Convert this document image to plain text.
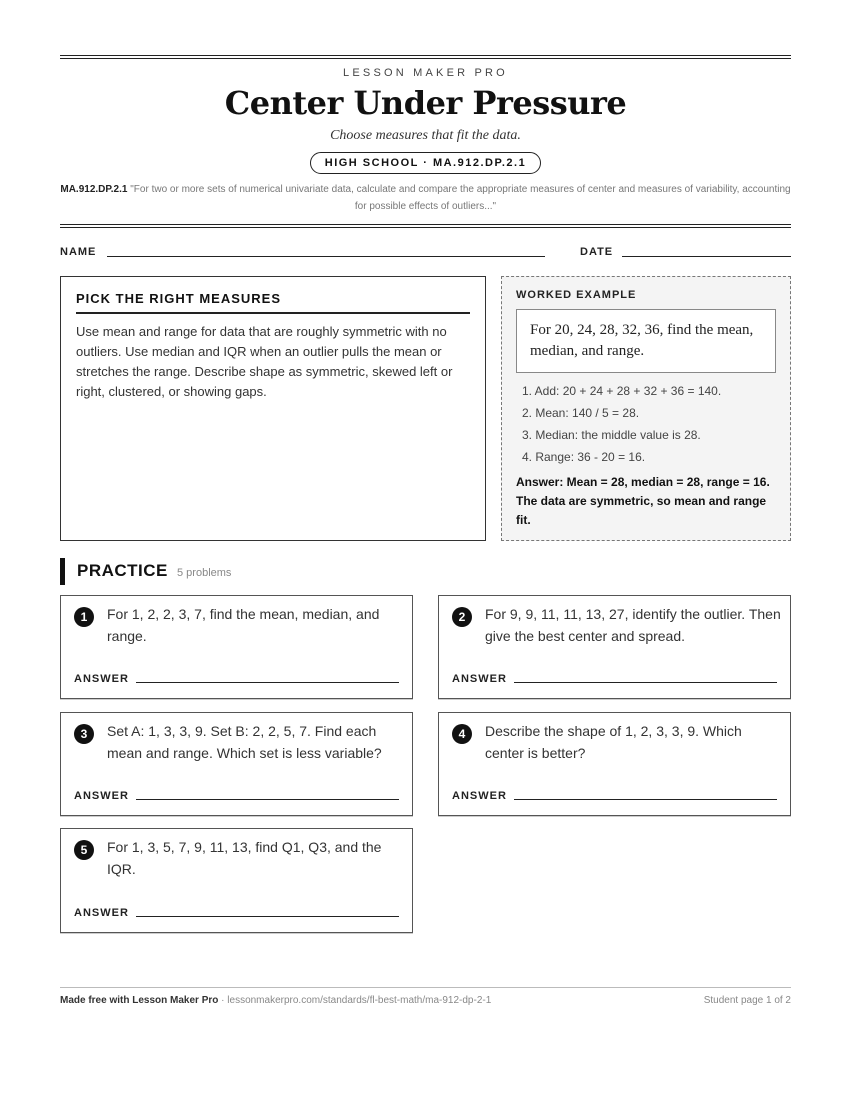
LESSON MAKER PRO
Center Under Pressure
Choose measures that fit the data.
HIGH SCHOOL · MA.912.DP.2.1
MA.912.DP.2.1 "For two or more sets of numerical univariate data, calculate and compare the appropriate measures of center and measures of variability, accounting for possible effects of outliers..."
NAME	DATE
PICK THE RIGHT MEASURES

Use mean and range for data that are roughly symmetric with no outliers. Use median and IQR when an outlier pulls the mean or stretches the range. Describe shape as symmetric, skewed left or right, clustered, or showing gaps.

WORKED EXAMPLE
For 20, 24, 28, 32, 36, find the mean, median, and range.
1. Add: 20 + 24 + 28 + 32 + 36 = 140.
2. Mean: 140 / 5 = 28.
3. Median: the middle value is 28.
4. Range: 36 - 20 = 16.
Answer: Mean = 28, median = 28, range = 16. The data are symmetric, so mean and range fit.
PRACTICE 5 problems
1	For 1, 2, 2, 3, 7, find the mean, median, and range.
ANSWER
2	For 9, 9, 11, 11, 13, 27, identify the outlier. Then give the best center and spread.
ANSWER
3	Set A: 1, 3, 3, 9. Set B: 2, 2, 5, 7. Find each mean and range. Which set is less variable?
ANSWER
4	Describe the shape of 1, 2, 3, 3, 9. Which center is better?
ANSWER
5	For 1, 3, 5, 7, 9, 11, 13, find Q1, Q3, and the IQR.
ANSWER
Made free with Lesson Maker Pro · lessonmakerpro.com/standards/fl-best-math/ma-912-dp-2-1	Student page 1 of 2
